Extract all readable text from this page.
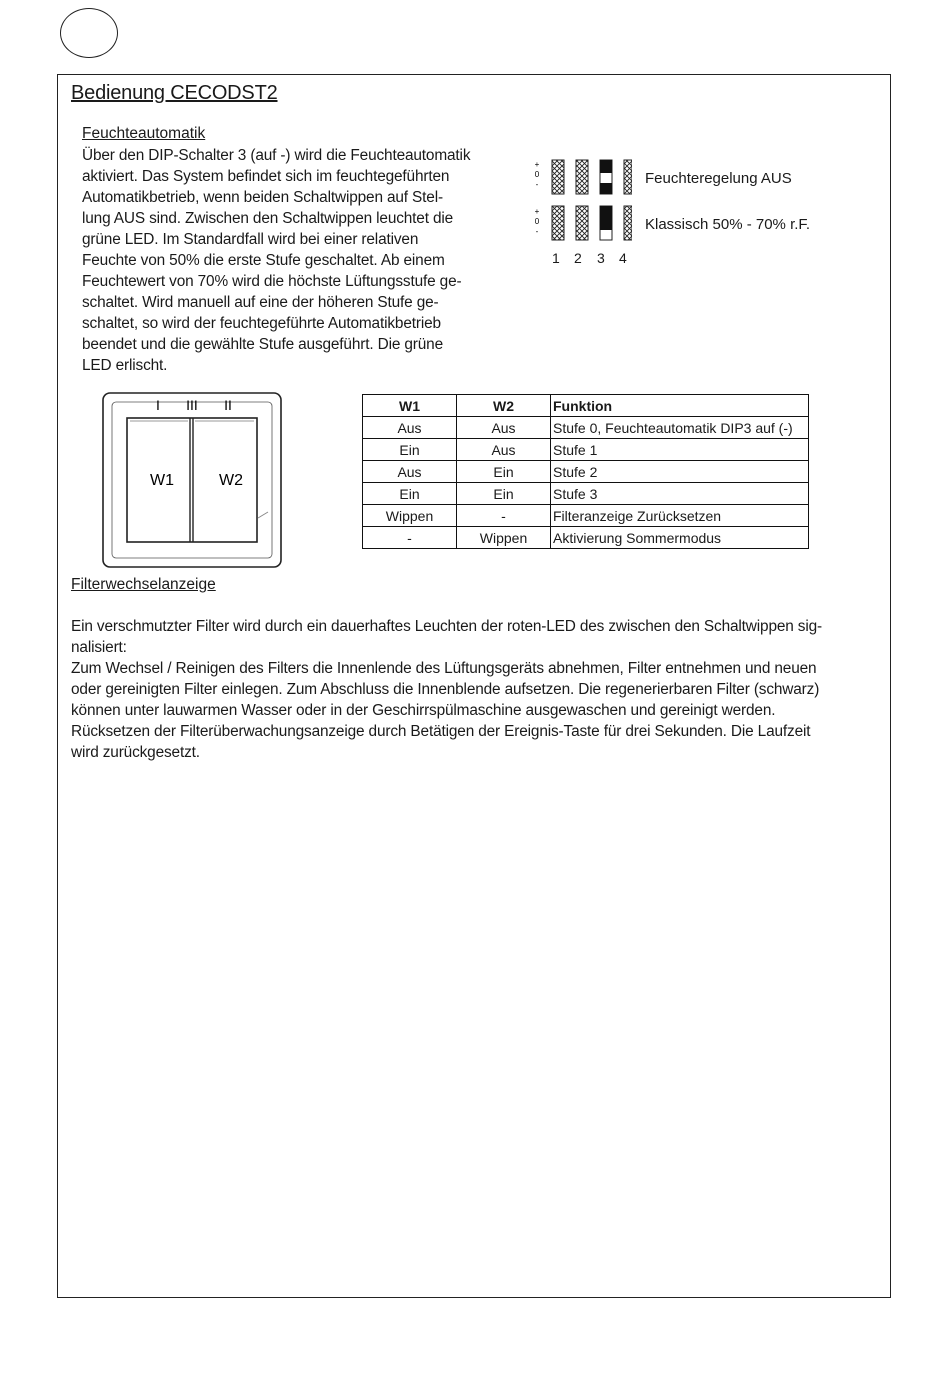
Bedienung CECODST2
Feuchteautomatik
Über den DIP-Schalter 3 (auf -) wird die Feuchteautomatik
aktiviert. Das System befindet sich im feuchtegeführten
Automatikbetrieb, wenn beiden Schaltwippen auf Stel-
lung AUS sind. Zwischen den Schaltwippen leuchtet die
grüne LED. Im Standardfall wird bei einer relativen
Feuchte von 50% die erste Stufe geschaltet. Ab einem
Feuchtewert von 70% wird die höchste Lüftungsstufe ge-
schaltet. Wird manuell auf eine der höheren Stufe ge-
schaltet, so wird der feuchtegeführte Automatikbetrieb
beendet und die gewählte Stufe ausgeführt. Die grüne
LED erlischt.
+
0
-
+
0
-
Feuchteregelung AUS
Klassisch 50% - 70% r.F.
1 2 3 4
I III II
W1	W2
W1	W2	Funktion
Aus	Aus	Stufe 0, Feuchteautomatik DIP3 auf (-)
Ein	Aus	Stufe 1
Aus	Ein	Stufe 2
Ein	Ein	Stufe 3
Wippen	-	Filteranzeige Zurücksetzen
-	Wippen	Aktivierung Sommermodus
Filterwechselanzeige
Ein verschmutzter Filter wird durch ein dauerhaftes Leuchten der roten-LED des zwischen den Schaltwippen sig-
nalisiert:
Zum Wechsel / Reinigen des Filters die Innenlende des Lüftungsgeräts abnehmen, Filter entnehmen und neuen
oder gereinigten Filter einlegen. Zum Abschluss die Innenblende aufsetzen. Die regenerierbaren Filter (schwarz)
können unter lauwarmen Wasser oder in der Geschirrspülmaschine ausgewaschen und gereinigt werden.
Rücksetzen der Filterüberwachungsanzeige durch Betätigen der Ereignis-Taste für drei Sekunden. Die Laufzeit
wird zurückgesetzt.
